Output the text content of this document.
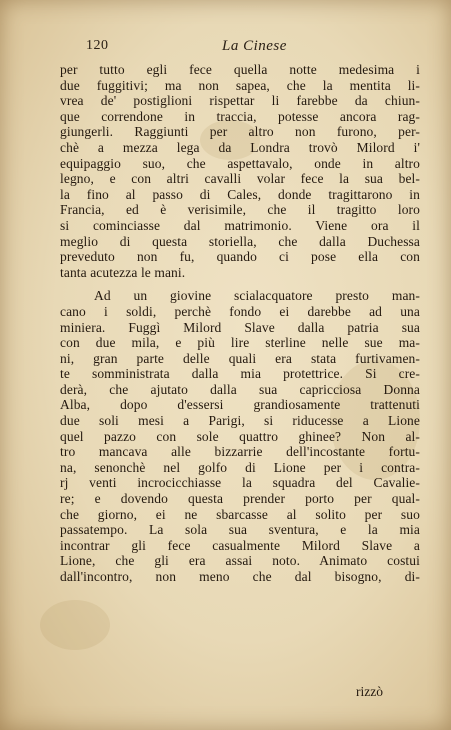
120	La Cinese
per tutto egli fece quella notte medesima i
due fuggitivi; ma non sapea, che la mentita li-
vrea de' postiglioni rispettar li farebbe da chiun-
que correndone in traccia, potesse ancora rag-
giungerli. Raggiunti per altro non furono, per-
chè a mezza lega da Londra trovò Milord i'
equipaggio suo, che aspettavalo, onde in altro
legno, e con altri cavalli volar fece la sua bel-
la fino al passo di Cales, donde tragittarono in
Francia, ed è verisimile, che il tragitto loro
si cominciasse dal matrimonio. Viene ora il
meglio di questa storiella, che dalla Duchessa
preveduto non fu, quando ci pose ella con
tanta acutezza le mani.
Ad un giovine scialacquatore presto man-
cano i soldi, perchè fondo ei darebbe ad una
miniera. Fuggì Milord Slave dalla patria sua
con due mila, e più lire sterline nelle sue ma-
ni, gran parte delle quali era stata furtivamen-
te somministrata dalla mia protettrice. Si cre-
derà, che ajutato dalla sua capricciosa Donna
Alba, dopo d'essersi grandiosamente trattenuti
due soli mesi a Parigi, si riducesse a Lione
quel pazzo con sole quattro ghinee? Non al-
tro mancava alle bizzarrie dell'incostante fortu-
na, senonchè nel golfo di Lione per i contra-
rj venti incrocicchiasse la squadra del Cavalie-
re; e dovendo questa prender porto per qual-
che giorno, ei ne sbarcasse al solito per suo
passatempo. La sola sua sventura, e la mia
incontrar gli fece casualmente Milord Slave a
Lione, che gli era assai noto. Animato costui
dall'incontro, non meno che dal bisogno, di-
rizzò
